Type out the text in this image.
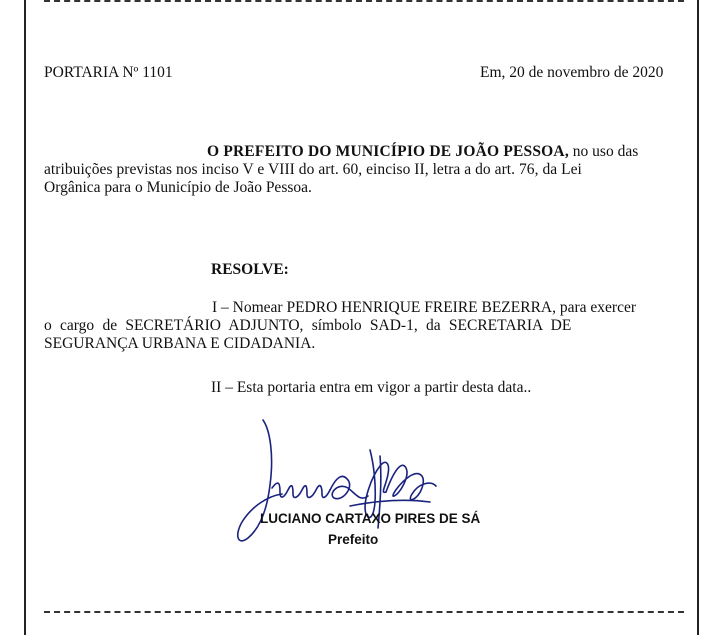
PORTARIA Nº 1101	Em, 20 de novembro de 2020
O PREFEITO DO MUNICÍPIO DE JOÃO PESSOA, no uso das
atribuições previstas nos inciso V e VIII do art. 60, einciso II, letra a do art. 76, da Lei
Orgânica para o Município de João Pessoa.
RESOLVE:
I – Nomear PEDRO HENRIQUE FREIRE BEZERRA, para exercer
o cargo de SECRETÁRIO ADJUNTO, símbolo SAD-1, da SECRETARIA DE
SEGURANÇA URBANA E CIDADANIA.
II – Esta portaria entra em vigor a partir desta data..
LUCIANO CARTAXO PIRES DE SÁ
Prefeito
